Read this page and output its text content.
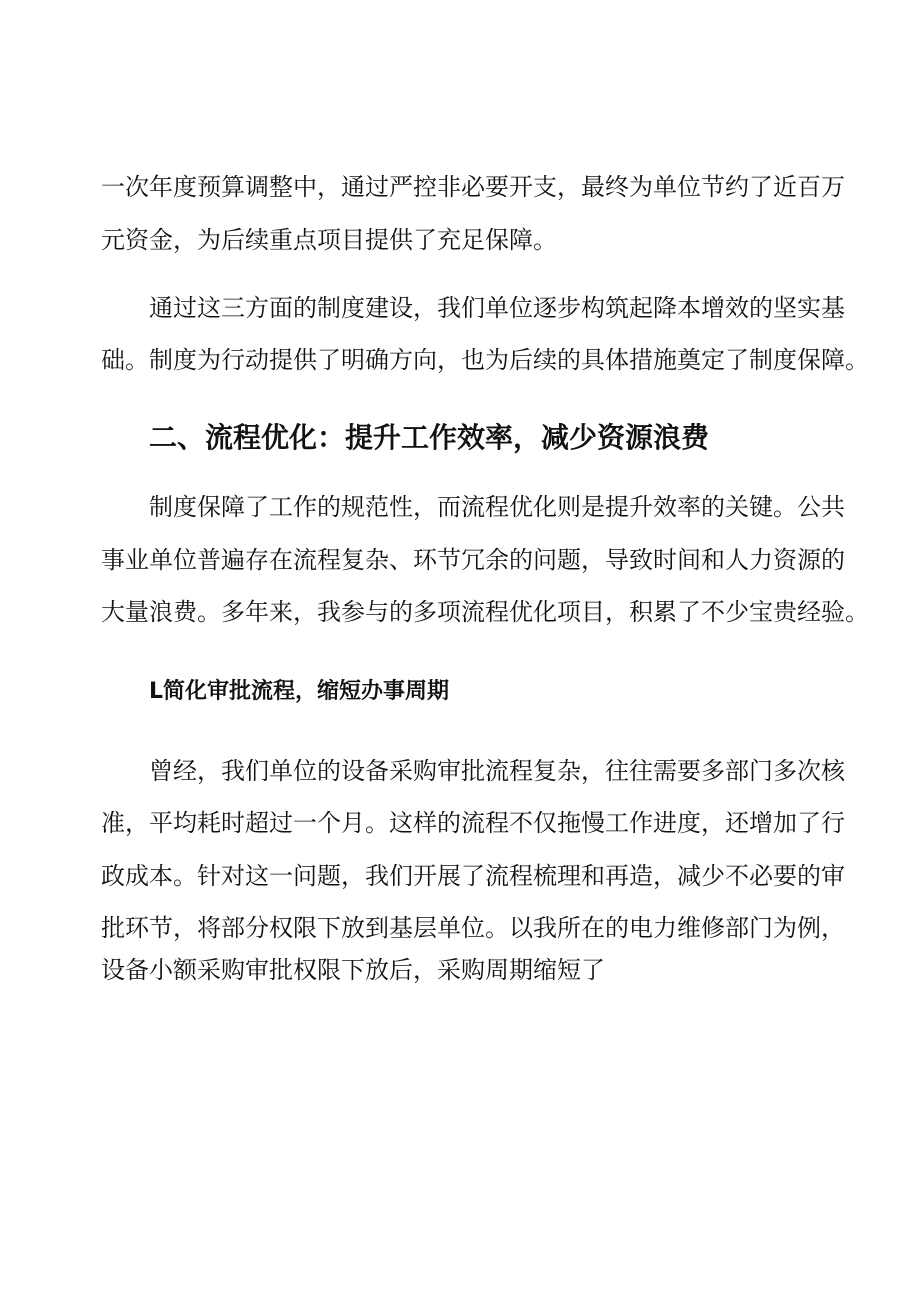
一次年度预算调整中，通过严控非必要开支，最终为单位节约了近百万
元资金，为后续重点项目提供了充足保障。
通过这三方面的制度建设，我们单位逐步构筑起降本增效的坚实基
础。制度为行动提供了明确方向，也为后续的具体措施奠定了制度保障。
二、流程优化：提升工作效率，减少资源浪费
制度保障了工作的规范性，而流程优化则是提升效率的关键。公共
事业单位普遍存在流程复杂、环节冗余的问题，导致时间和人力资源的
大量浪费。多年来，我参与的多项流程优化项目，积累了不少宝贵经验。
L简化审批流程，缩短办事周期
曾经，我们单位的设备采购审批流程复杂，往往需要多部门多次核
准，平均耗时超过一个月。这样的流程不仅拖慢工作进度，还增加了行
政成本。针对这一问题，我们开展了流程梳理和再造，减少不必要的审
批环节，将部分权限下放到基层单位。以我所在的电力维修部门为例，
设备小额采购审批权限下放后，采购周期缩短了
